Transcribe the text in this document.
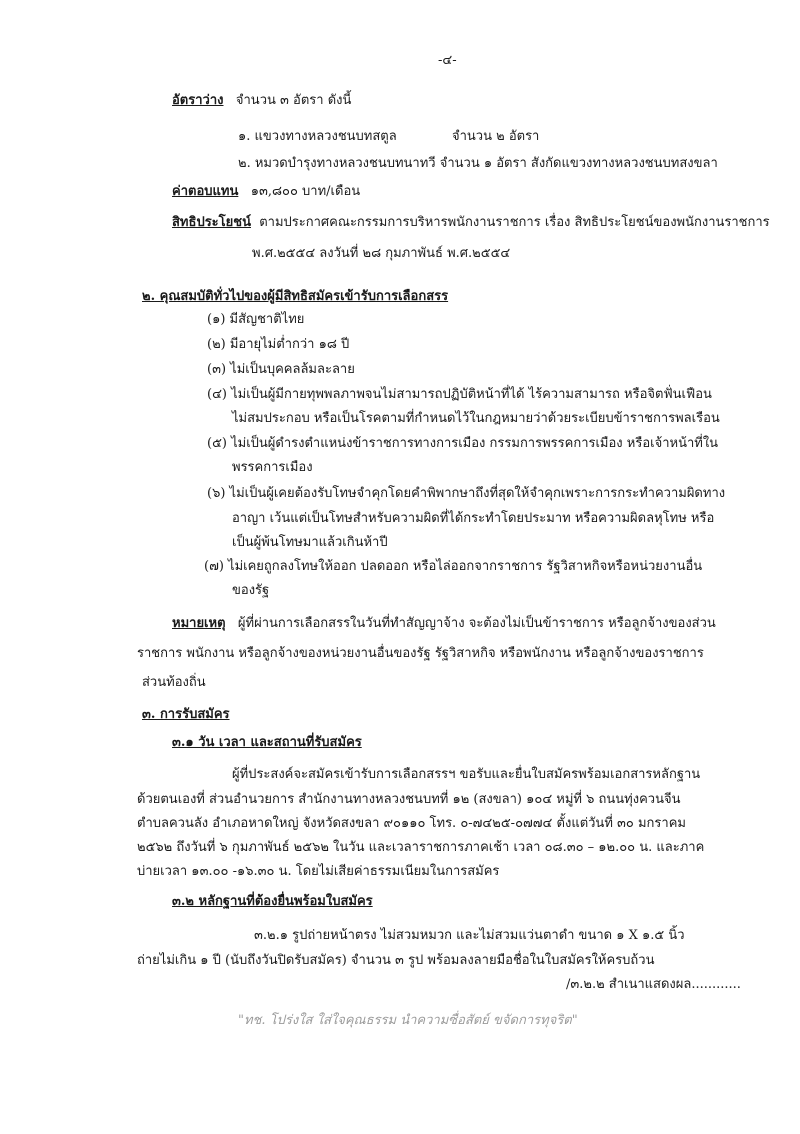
-๔-
อัตราว่าง จำนวน ๓ อัตรา ดังนี้
๑. แขวงทางหลวงชนบทสตูล	จำนวน ๒ อัตรา
๒. หมวดบำรุงทางหลวงชนบทนาทวี จำนวน ๑ อัตรา สังกัดแขวงทางหลวงชนบทสงขลา
ค่าตอบแทน ๑๓,๘๐๐ บาท/เดือน
สิทธิประโยชน์ ตามประกาศคณะกรรมการบริหารพนักงานราชการ เรื่อง สิทธิประโยชน์ของพนักงานราชการ
พ.ศ.๒๕๕๔ ลงวันที่ ๒๘ กุมภาพันธ์ พ.ศ.๒๕๕๔
๒. คุณสมบัติทั่วไปของผู้มีสิทธิสมัครเข้ารับการเลือกสรร
(๑) มีสัญชาติไทย
(๒) มีอายุไม่ต่ำกว่า ๑๘ ปี
(๓) ไม่เป็นบุคคลล้มละลาย
(๔) ไม่เป็นผู้มีกายทุพพลภาพจนไม่สามารถปฏิบัติหน้าที่ได้ ไร้ความสามารถ หรือจิตฟั่นเฟือน
ไม่สมประกอบ หรือเป็นโรคตามที่กำหนดไว้ในกฎหมายว่าด้วยระเบียบข้าราชการพลเรือน
(๕) ไม่เป็นผู้ดำรงตำแหน่งข้าราชการทางการเมือง กรรมการพรรคการเมือง หรือเจ้าหน้าที่ใน
พรรคการเมือง
(๖) ไม่เป็นผู้เคยต้องรับโทษจำคุกโดยคำพิพากษาถึงที่สุดให้จำคุกเพราะการกระทำความผิดทาง
อาญา เว้นแต่เป็นโทษสำหรับความผิดที่ได้กระทำโดยประมาท หรือความผิดลหุโทษ หรือ
เป็นผู้พ้นโทษมาแล้วเกินห้าปี
(๗) ไม่เคยถูกลงโทษให้ออก ปลดออก หรือไล่ออกจากราชการ รัฐวิสาหกิจหรือหน่วยงานอื่น
ของรัฐ
หมายเหตุ ผู้ที่ผ่านการเลือกสรรในวันที่ทำสัญญาจ้าง จะต้องไม่เป็นข้าราชการ หรือลูกจ้างของส่วน
ราชการ พนักงาน หรือลูกจ้างของหน่วยงานอื่นของรัฐ รัฐวิสาหกิจ หรือพนักงาน หรือลูกจ้างของราชการ
ส่วนท้องถิ่น
๓. การรับสมัคร
๓.๑ วัน เวลา และสถานที่รับสมัคร
ผู้ที่ประสงค์จะสมัครเข้ารับการเลือกสรรฯ ขอรับและยื่นใบสมัครพร้อมเอกสารหลักฐาน
ด้วยตนเองที่ ส่วนอำนวยการ สำนักงานทางหลวงชนบทที่ ๑๒ (สงขลา) ๑๐๔ หมู่ที่ ๖ ถนนทุ่งควนจีน
ตำบลควนลัง อำเภอหาดใหญ่ จังหวัดสงขลา ๙๐๑๑๐ โทร. ๐-๗๔๒๕-๐๗๗๔ ตั้งแต่วันที่ ๓๐ มกราคม
๒๕๖๒ ถึงวันที่ ๖ กุมภาพันธ์ ๒๕๖๒ ในวัน และเวลาราชการภาคเช้า เวลา ๐๘.๓๐ – ๑๒.๐๐ น. และภาค
บ่ายเวลา ๑๓.๐๐ -๑๖.๓๐ น. โดยไม่เสียค่าธรรมเนียมในการสมัคร
๓.๒ หลักฐานที่ต้องยื่นพร้อมใบสมัคร
๓.๒.๑ รูปถ่ายหน้าตรง ไม่สวมหมวก และไม่สวมแว่นตาดำ ขนาด ๑ X ๑.๕ นิ้ว
ถ่ายไม่เกิน ๑ ปี (นับถึงวันปิดรับสมัคร) จำนวน ๓ รูป พร้อมลงลายมือชื่อในใบสมัครให้ครบถ้วน
/๓.๒.๒ สำเนาแสดงผล............
"ทช. โปร่งใส ใส่ใจคุณธรรม นำความซื่อสัตย์ ขจัดการทุจริต"
